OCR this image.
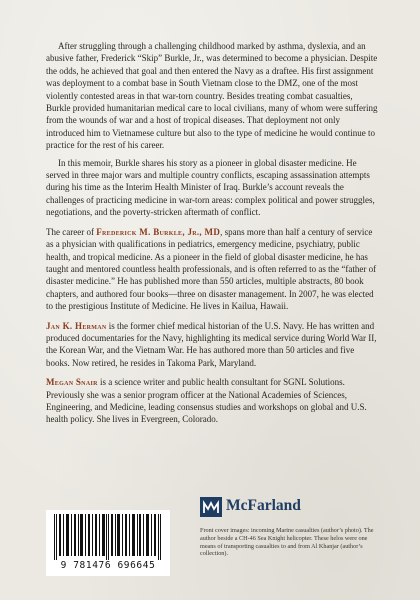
After struggling through a challenging childhood marked by asthma, dyslexia, and an abusive father, Frederick “Skip” Burkle, Jr., was determined to become a physician. Despite the odds, he achieved that goal and then entered the Navy as a draftee. His first assignment was deployment to a combat base in South Vietnam close to the DMZ, one of the most violently contested areas in that war-torn country. Besides treating combat casualties, Burkle provided humanitarian medical care to local civilians, many of whom were suffering from the wounds of war and a host of tropical diseases. That deployment not only introduced him to Vietnamese culture but also to the type of medicine he would continue to practice for the rest of his career.

In this memoir, Burkle shares his story as a pioneer in global disaster medicine. He served in three major wars and multiple country conflicts, escaping assassination attempts during his time as the Interim Health Minister of Iraq. Burkle’s account reveals the challenges of practicing medicine in war-torn areas: complex political and power struggles, negotiations, and the poverty-stricken aftermath of conflict.

The career of Frederick M. Burkle, Jr., MD, spans more than half a century of service as a physician with qualifications in pediatrics, emergency medicine, psychiatry, public health, and tropical medicine. As a pioneer in the field of global disaster medicine, he has taught and mentored countless health professionals, and is often referred to as the “father of disaster medicine.” He has published more than 550 articles, multiple abstracts, 80 book chapters, and authored four books—three on disaster management. In 2007, he was elected to the prestigious Institute of Medicine. He lives in Kailua, Hawaii.

Jan K. Herman is the former chief medical historian of the U.S. Navy. He has written and produced documentaries for the Navy, highlighting its medical service during World War II, the Korean War, and the Vietnam War. He has authored more than 50 articles and five books. Now retired, he resides in Takoma Park, Maryland.

Megan Snair is a science writer and public health consultant for SGNL Solutions. Previously she was a senior program officer at the National Academies of Sciences, Engineering, and Medicine, leading consensus studies and workshops on global and U.S. health policy. She lives in Evergreen, Colorado.

9 781476 696645
McFarland
Front cover images: incoming Marine casualties (author’s photo). The author beside a CH-46 Sea Knight helicopter. These helos were one means of transporting casualties to and from Al Khanjar (author’s collection).
